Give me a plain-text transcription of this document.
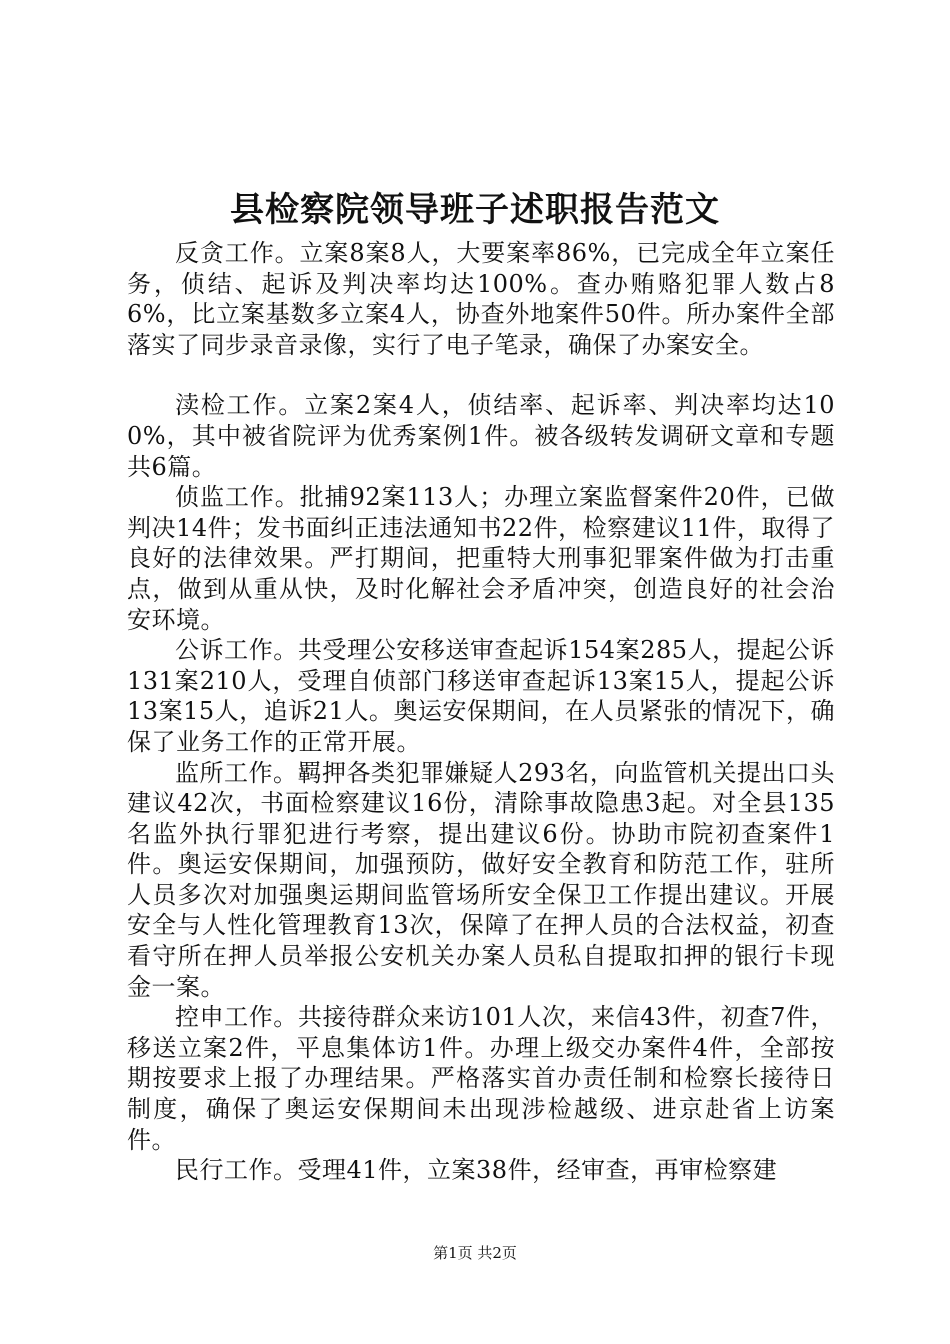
县检察院领导班子述职报告范文

反贪工作。立案8案8人，大要案率86%，已完成全年立案任务，侦结、起诉及判决率均达100%。查办贿赂犯罪人数占86%，比立案基数多立案4人，协查外地案件50件。所办案件全部落实了同步录音录像，实行了电子笔录，确保了办案安全。

渎检工作。立案2案4人，侦结率、起诉率、判决率均达100%，其中被省院评为优秀案例1件。被各级转发调研文章和专题共6篇。

侦监工作。批捕92案113人；办理立案监督案件20件，已做判决14件；发书面纠正违法通知书22件，检察建议11件，取得了良好的法律效果。严打期间，把重特大刑事犯罪案件做为打击重点，做到从重从快，及时化解社会矛盾冲突，创造良好的社会治安环境。

公诉工作。共受理公安移送审查起诉154案285人，提起公诉131案210人，受理自侦部门移送审查起诉13案15人，提起公诉13案15人，追诉21人。奥运安保期间，在人员紧张的情况下，确保了业务工作的正常开展。

监所工作。羁押各类犯罪嫌疑人293名，向监管机关提出口头建议42次，书面检察建议16份，清除事故隐患3起。对全县135名监外执行罪犯进行考察，提出建议6份。协助市院初查案件1件。奥运安保期间，加强预防，做好安全教育和防范工作，驻所人员多次对加强奥运期间监管场所安全保卫工作提出建议。开展安全与人性化管理教育13次，保障了在押人员的合法权益，初查看守所在押人员举报公安机关办案人员私自提取扣押的银行卡现金一案。

控申工作。共接待群众来访101人次，来信43件，初查7件，移送立案2件，平息集体访1件。办理上级交办案件4件，全部按期按要求上报了办理结果。严格落实首办责任制和检察长接待日制度，确保了奥运安保期间未出现涉检越级、进京赴省上访案件。

民行工作。受理41件，立案38件，经审查，再审检察建

第1页 共2页
